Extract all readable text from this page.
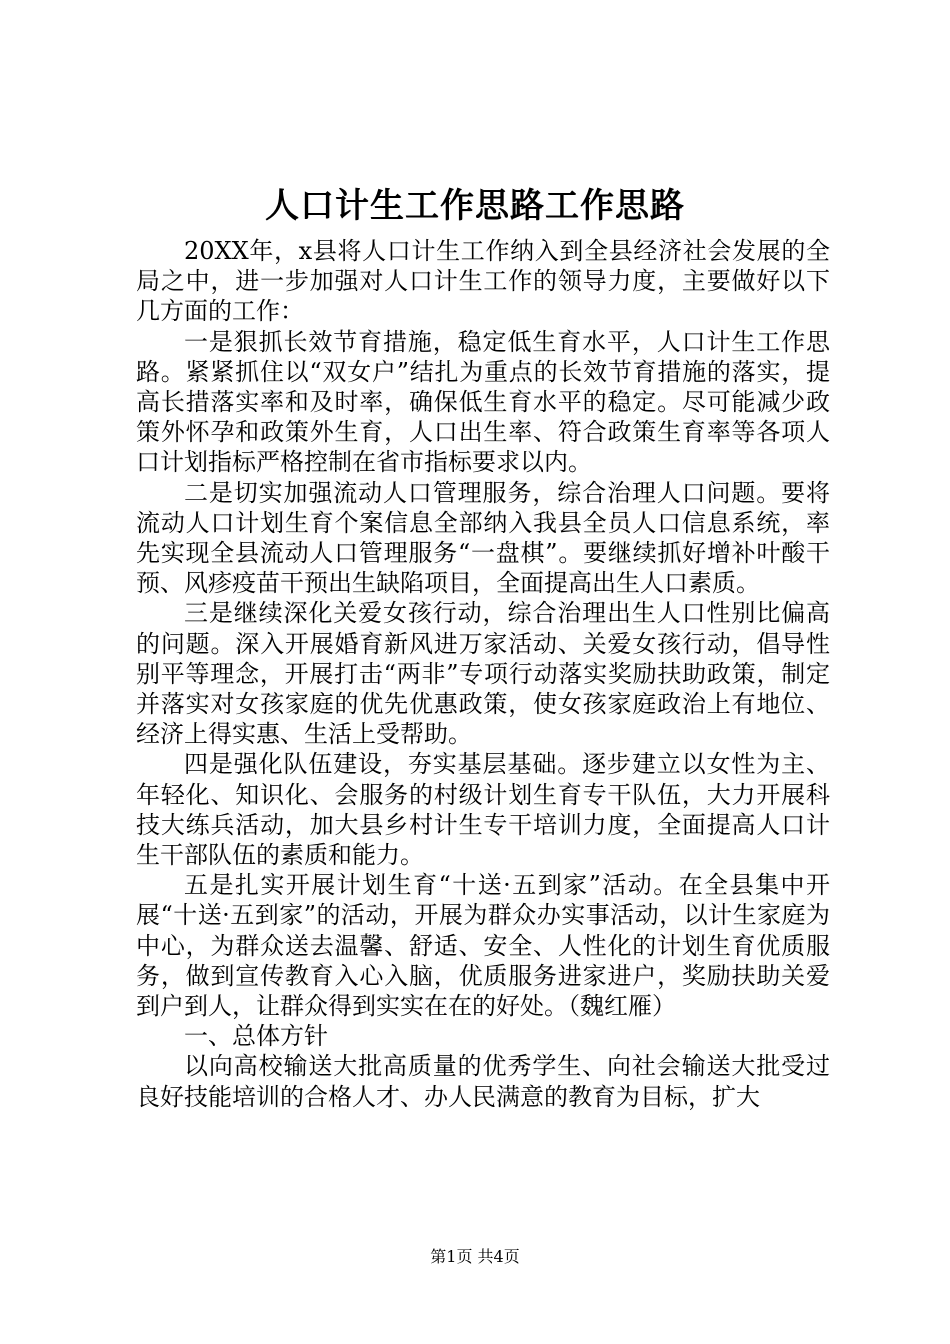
人口计生工作思路工作思路

20XX年，x县将人口计生工作纳入到全县经济社会发展的全局之中，进一步加强对人口计生工作的领导力度，主要做好以下几方面的工作：

一是狠抓长效节育措施，稳定低生育水平，人口计生工作思路。紧紧抓住以“双女户”结扎为重点的长效节育措施的落实，提高长措落实率和及时率，确保低生育水平的稳定。尽可能减少政策外怀孕和政策外生育，人口出生率、符合政策生育率等各项人口计划指标严格控制在省市指标要求以内。

二是切实加强流动人口管理服务，综合治理人口问题。要将流动人口计划生育个案信息全部纳入我县全员人口信息系统，率先实现全县流动人口管理服务“一盘棋”。要继续抓好增补叶酸干预、风疹疫苗干预出生缺陷项目，全面提高出生人口素质。

三是继续深化关爱女孩行动，综合治理出生人口性别比偏高的问题。深入开展婚育新风进万家活动、关爱女孩行动，倡导性别平等理念，开展打击“两非”专项行动落实奖励扶助政策，制定并落实对女孩家庭的优先优惠政策，使女孩家庭政治上有地位、经济上得实惠、生活上受帮助。

四是强化队伍建设，夯实基层基础。逐步建立以女性为主、年轻化、知识化、会服务的村级计划生育专干队伍，大力开展科技大练兵活动，加大县乡村计生专干培训力度，全面提高人口计生干部队伍的素质和能力。

五是扎实开展计划生育“十送·五到家”活动。在全县集中开展“十送·五到家”的活动，开展为群众办实事活动，以计生家庭为中心，为群众送去温馨、舒适、安全、人性化的计划生育优质服务，做到宣传教育入心入脑，优质服务进家进户，奖励扶助关爱到户到人，让群众得到实实在在的好处。（魏红雁）

一、总体方针

以向高校输送大批高质量的优秀学生、向社会输送大批受过良好技能培训的合格人才、办人民满意的教育为目标，扩大

第1页 共4页
